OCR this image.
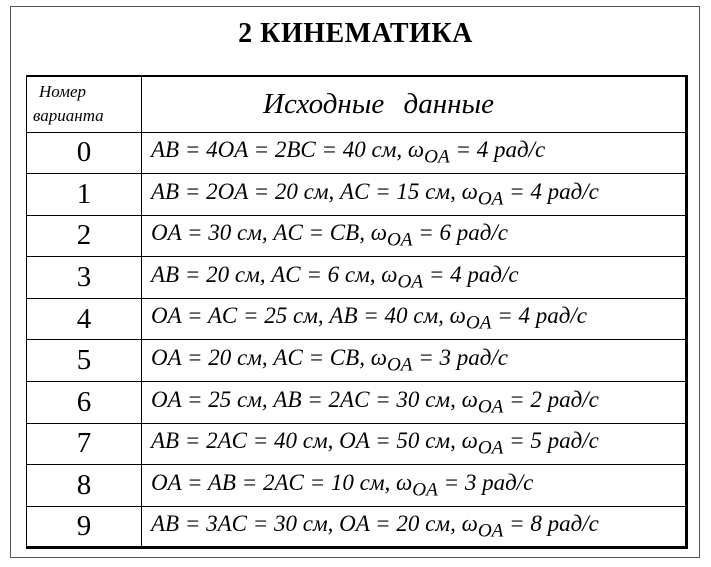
2 КИНЕМАТИКА
Номер
варианта	Исходные данные
0	AB = 4OA = 2BC = 40 см, $\omega_{OA} = 4$ рад/с
1	AB = 2OA = 20 см, AC = 15 см, $\omega_{OA} = 4$ рад/с
2	OA = 30 см, AC = CB, $\omega_{OA} = 6$ рад/с
3	AB = 20 см, AC = 6 см, $\omega_{OA} = 4$ рад/с
4	OA = AC = 25 см, AB = 40 см, $\omega_{OA} = 4$ рад/с
5	OA = 20 см, AC = CB, $\omega_{OA} = 3$ рад/с
6	OA = 25 см, AB = 2AC = 30 см, $\omega_{OA} = 2$ рад/с
7	AB = 2AC = 40 см, OA = 50 см, $\omega_{OA} = 5$ рад/с
8	OA = AB = 2AC = 10 см, $\omega_{OA} = 3$ рад/с
9	AB = 3AC = 30 см, OA = 20 см, $\omega_{OA} = 8$ рад/с
